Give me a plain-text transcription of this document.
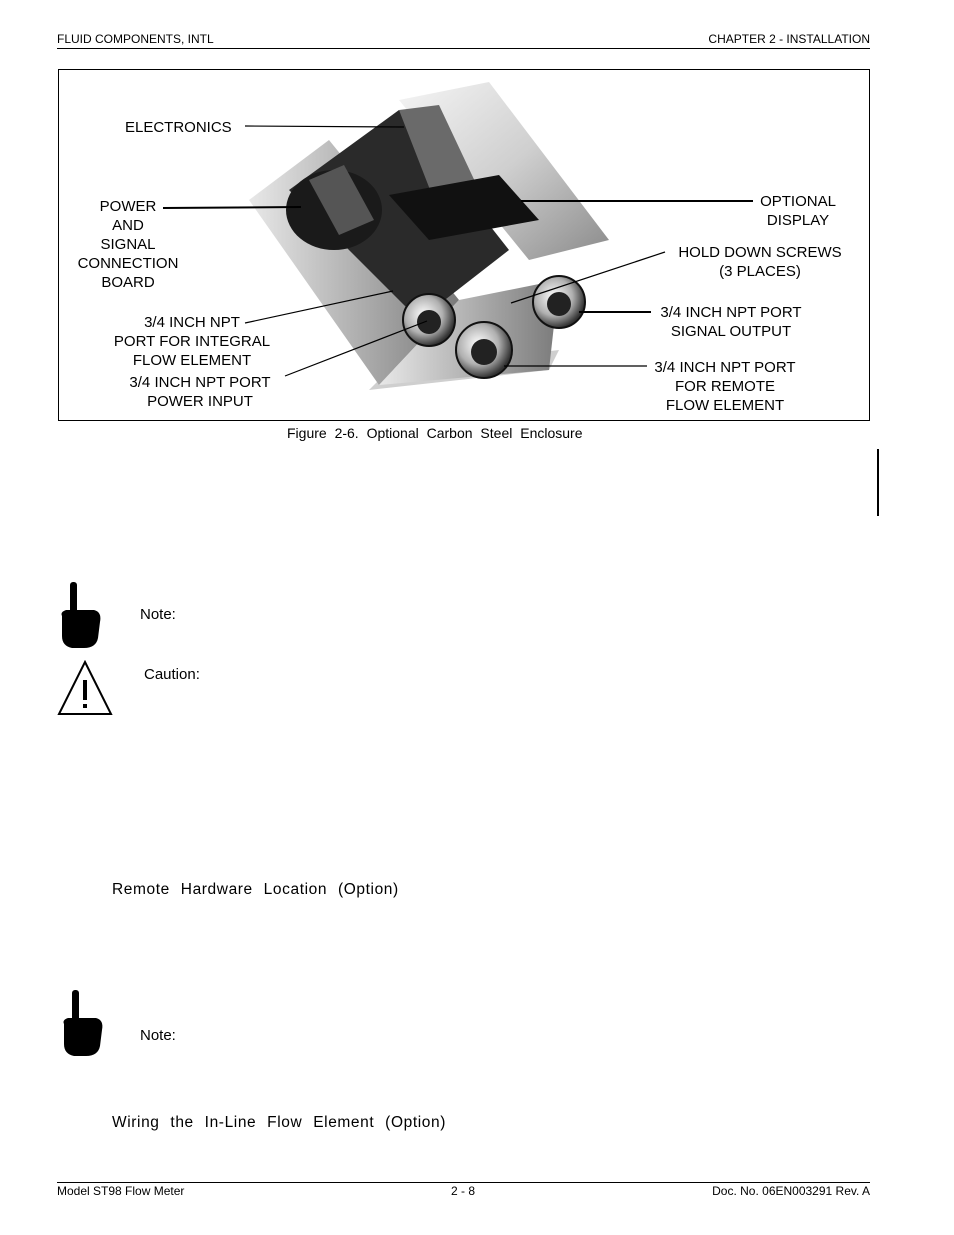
FLUID COMPONENTS, INTL	CHAPTER 2 - INSTALLATION
ELECTRONICS
POWER
AND
SIGNAL
CONNECTION
BOARD
3/4 INCH NPT
PORT FOR INTEGRAL
FLOW ELEMENT
3/4 INCH NPT PORT
POWER INPUT
OPTIONAL
DISPLAY
HOLD DOWN SCREWS
(3 PLACES)
3/4 INCH NPT PORT
SIGNAL OUTPUT
3/4 INCH NPT PORT
FOR REMOTE
FLOW ELEMENT
Figure 2-6. Optional Carbon Steel Enclosure
Note:
Caution:
Remote Hardware Location (Option)
Note:
Wiring the In-Line Flow Element (Option)
Model ST98 Flow Meter	2 - 8	Doc. No. 06EN003291 Rev. A
